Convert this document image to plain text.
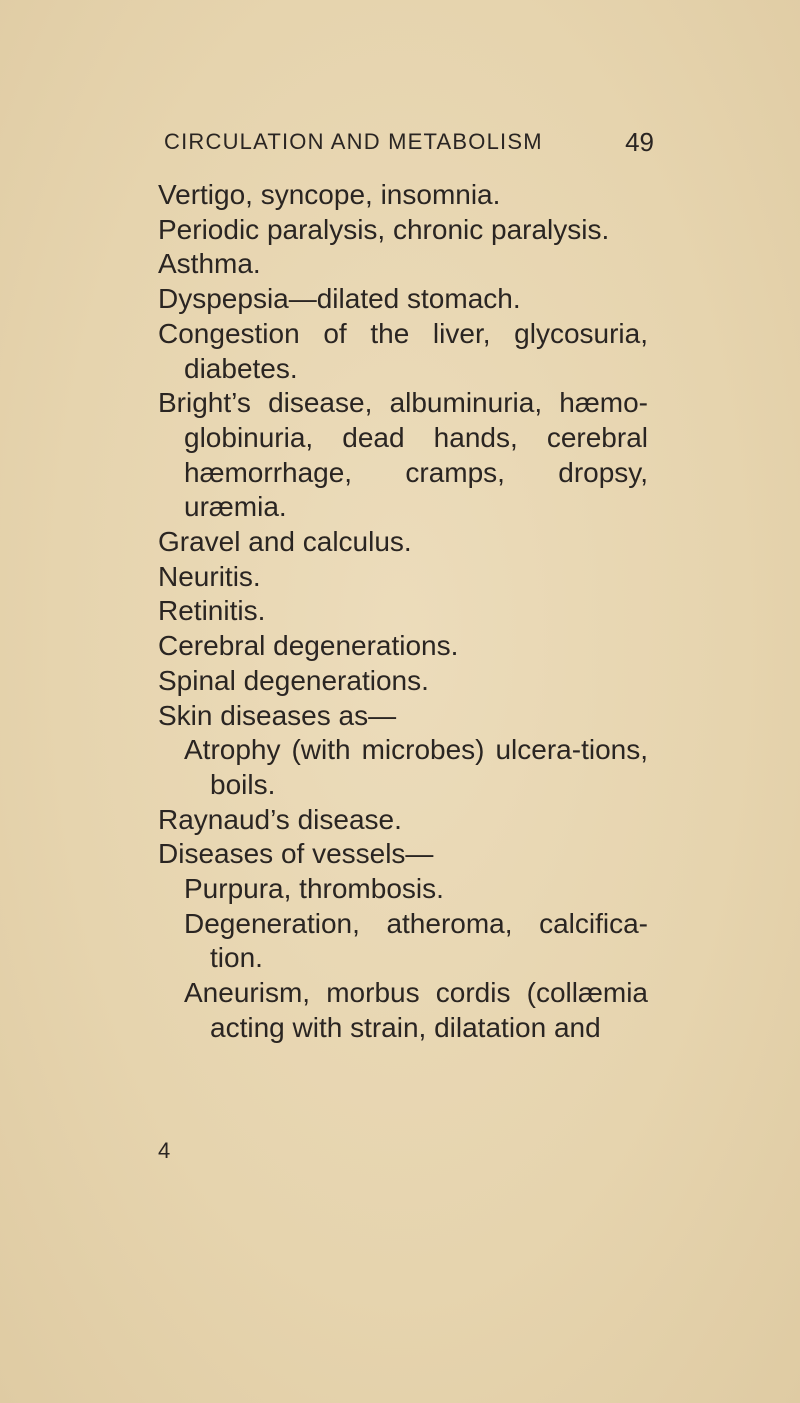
CIRCULATION AND METABOLISM	49

Vertigo, syncope, insomnia.

Periodic paralysis, chronic paralysis.

Asthma.

Dyspepsia—dilated stomach.

Congestion of the liver, glycosuria, diabetes.

Bright’s disease, albuminuria, hæmo-globinuria, dead hands, cerebral hæmorrhage, cramps, dropsy, uræmia.

Gravel and calculus.

Neuritis.

Retinitis.

Cerebral degenerations.

Spinal degenerations.

Skin diseases as—

Atrophy (with microbes) ulcera-tions, boils.

Raynaud’s disease.

Diseases of vessels—

Purpura, thrombosis.

Degeneration, atheroma, calcifica-tion.

Aneurism, morbus cordis (collæmia acting with strain, dilatation and

4
